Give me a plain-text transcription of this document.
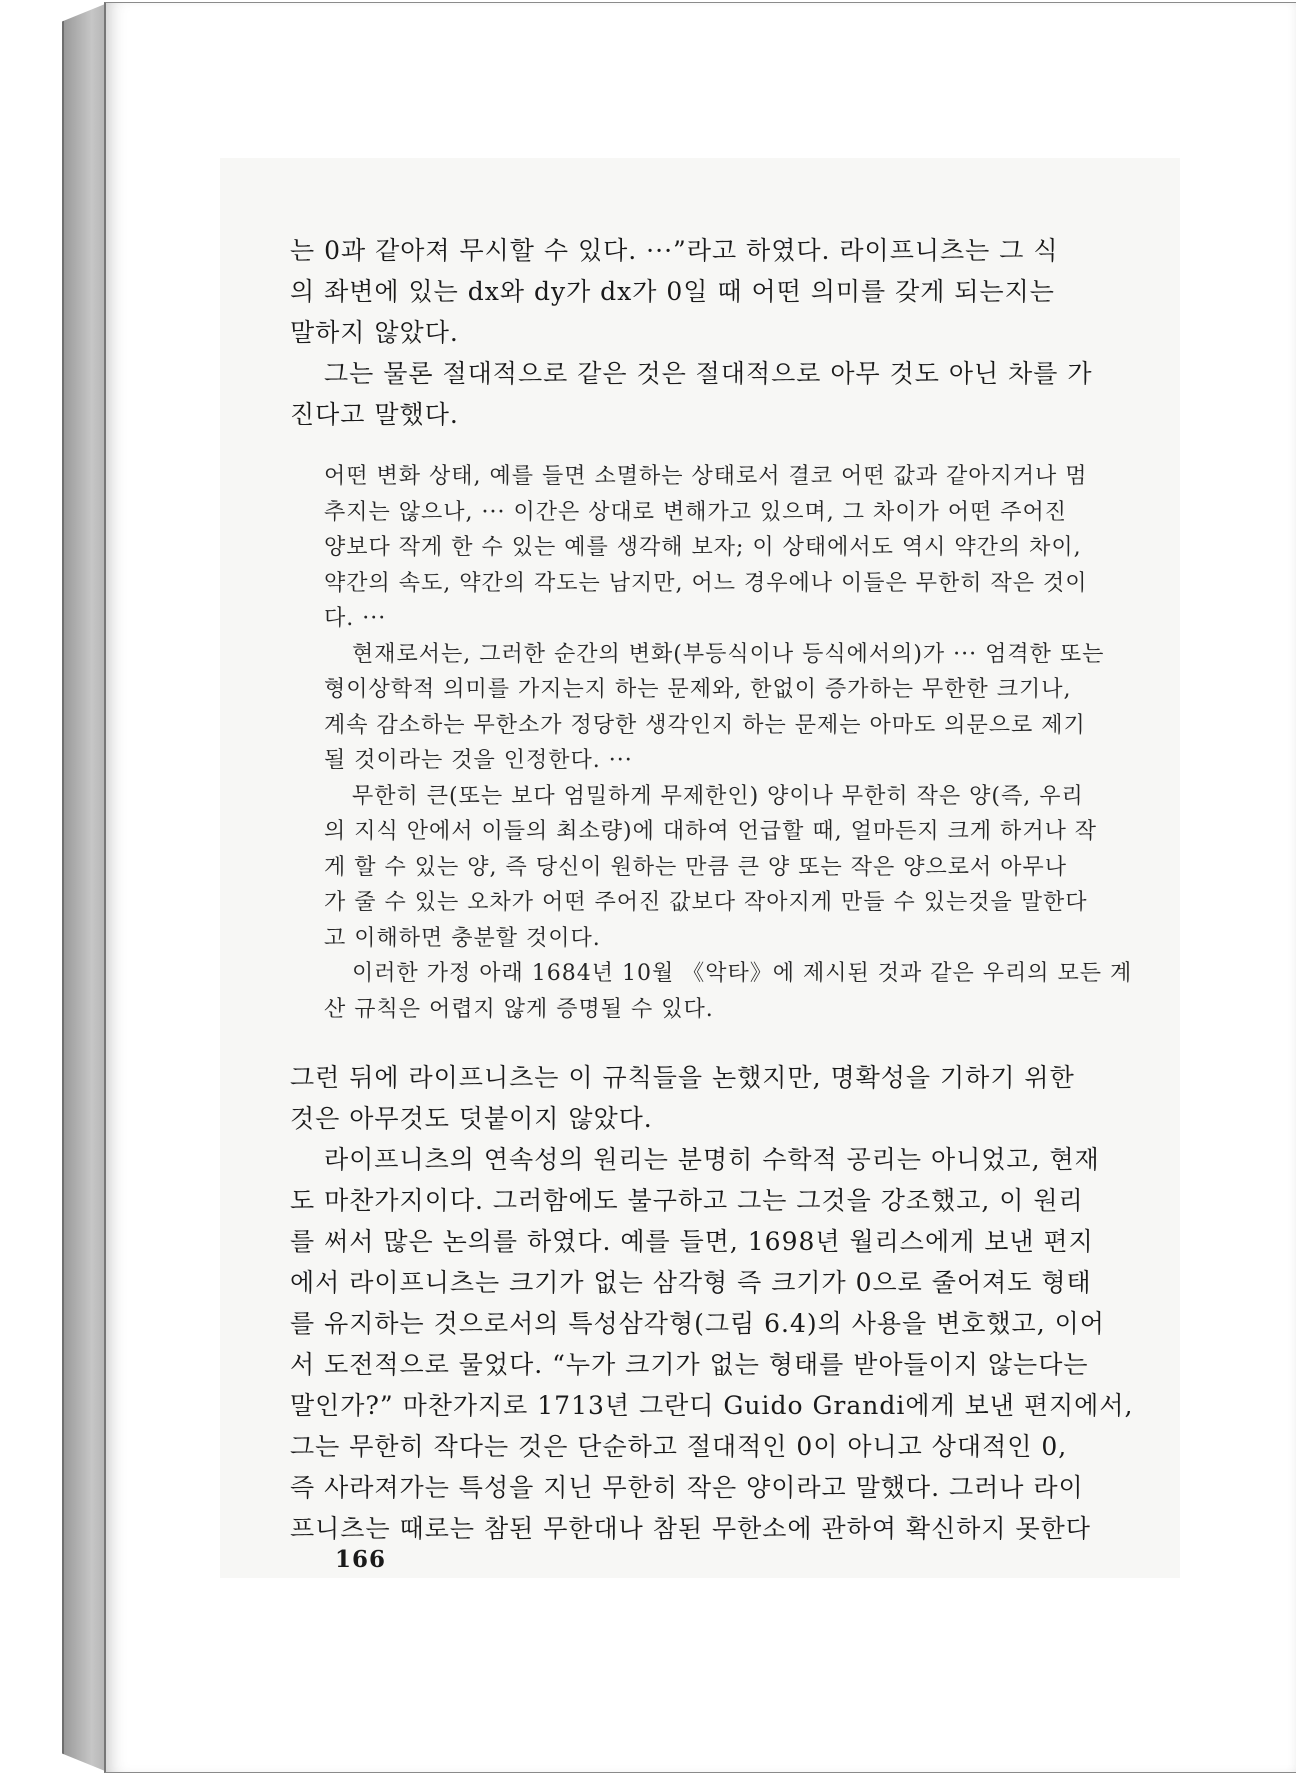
는 0과 같아져 무시할 수 있다. ···”라고 하였다. 라이프니츠는 그 식
의 좌변에 있는 dx와 dy가 dx가 0일 때 어떤 의미를 갖게 되는지는
말하지 않았다.

그는 물론 절대적으로 같은 것은 절대적으로 아무 것도 아닌 차를 가
진다고 말했다.

어떤 변화 상태, 예를 들면 소멸하는 상태로서 결코 어떤 값과 같아지거나 멈
추지는 않으나, ··· 이간은 상대로 변해가고 있으며, 그 차이가 어떤 주어진
양보다 작게 한 수 있는 예를 생각해 보자; 이 상태에서도 역시 약간의 차이,
약간의 속도, 약간의 각도는 남지만, 어느 경우에나 이들은 무한히 작은 것이
다. ···

현재로서는, 그러한 순간의 변화(부등식이나 등식에서의)가 ··· 엄격한 또는
형이상학적 의미를 가지는지 하는 문제와, 한없이 증가하는 무한한 크기나,
계속 감소하는 무한소가 정당한 생각인지 하는 문제는 아마도 의문으로 제기
될 것이라는 것을 인정한다. ···

무한히 큰(또는 보다 엄밀하게 무제한인) 양이나 무한히 작은 양(즉, 우리
의 지식 안에서 이들의 최소량)에 대하여 언급할 때, 얼마든지 크게 하거나 작
게 할 수 있는 양, 즉 당신이 원하는 만큼 큰 양 또는 작은 양으로서 아무나
가 줄 수 있는 오차가 어떤 주어진 값보다 작아지게 만들 수 있는것을 말한다
고 이해하면 충분할 것이다.

이러한 가정 아래 1684년 10월 《악타》에 제시된 것과 같은 우리의 모든 계
산 규칙은 어렵지 않게 증명될 수 있다.

그런 뒤에 라이프니츠는 이 규칙들을 논했지만, 명확성을 기하기 위한
것은 아무것도 덧붙이지 않았다.

라이프니츠의 연속성의 원리는 분명히 수학적 공리는 아니었고, 현재
도 마찬가지이다. 그러함에도 불구하고 그는 그것을 강조했고, 이 원리
를 써서 많은 논의를 하였다. 예를 들면, 1698년 월리스에게 보낸 편지
에서 라이프니츠는 크기가 없는 삼각형 즉 크기가 0으로 줄어져도 형태
를 유지하는 것으로서의 특성삼각형(그림 6.4)의 사용을 변호했고, 이어
서 도전적으로 물었다. “누가 크기가 없는 형태를 받아들이지 않는다는
말인가?” 마찬가지로 1713년 그란디 Guido Grandi에게 보낸 편지에서,
그는 무한히 작다는 것은 단순하고 절대적인 0이 아니고 상대적인 0,
즉 사라져가는 특성을 지닌 무한히 작은 양이라고 말했다. 그러나 라이
프니츠는 때로는 참된 무한대나 참된 무한소에 관하여 확신하지 못한다

166
